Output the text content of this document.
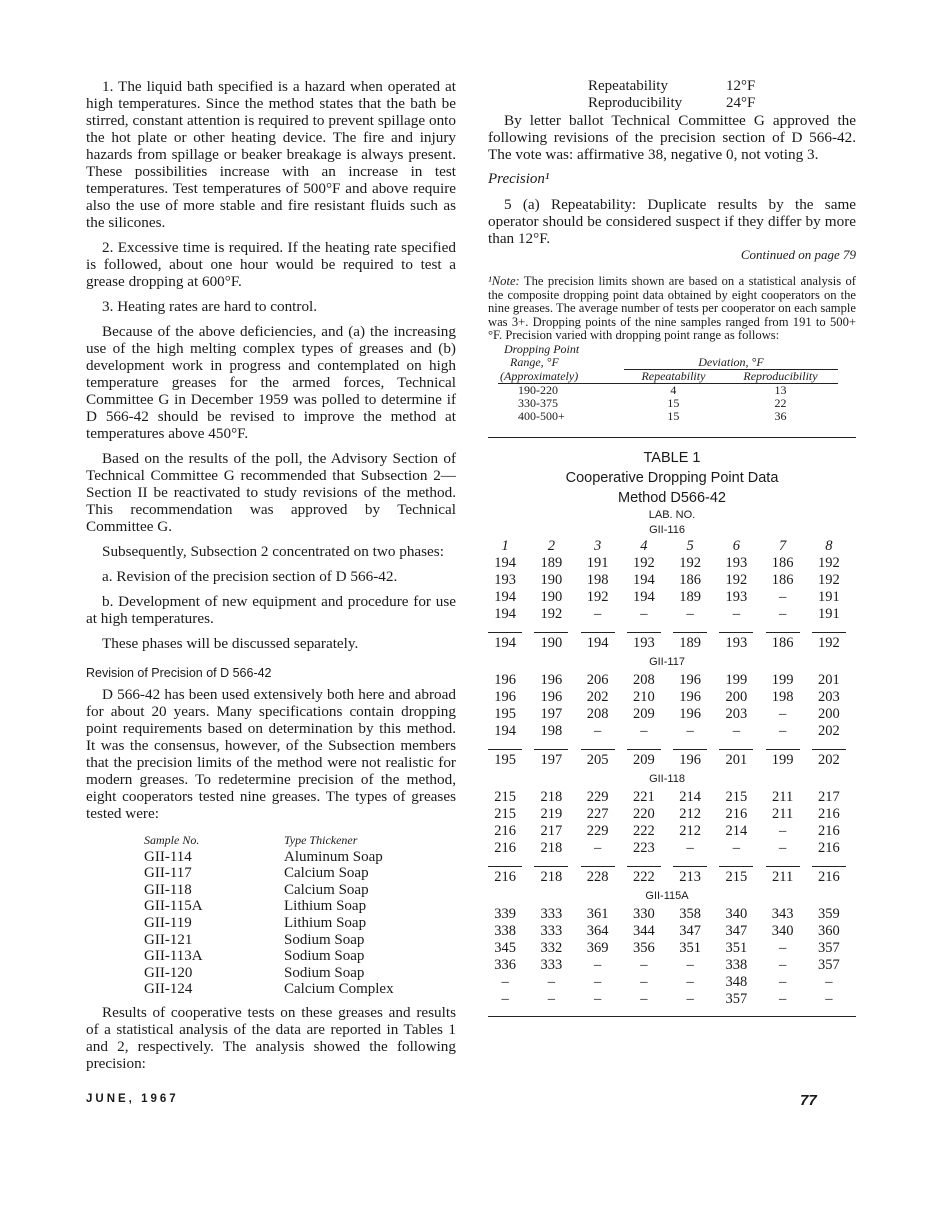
1. The liquid bath specified is a hazard when operated at high temperatures. Since the method states that the bath be stirred, constant attention is required to prevent spillage onto the hot plate or other heating device. The fire and injury hazards from spillage or beaker breakage is always present. These possibilities increase with an increase in test temperatures. Test temperatures of 500°F and above require also the use of more stable and fire resistant fluids such as the silicones.

2. Excessive time is required. If the heating rate specified is followed, about one hour would be required to test a grease dropping at 600°F.

3. Heating rates are hard to control.

Because of the above deficiencies, and (a) the increasing use of the high melting complex types of greases and (b) development work in progress and contemplated on high temperature greases for the armed forces, Technical Committee G in December 1959 was polled to determine if D 566-42 should be revised to improve the method at temperatures above 450°F.

Based on the results of the poll, the Advisory Section of Technical Committee G recommended that Subsection 2—Section II be reactivated to study revisions of the method. This recommendation was approved by Technical Committee G.

Subsequently, Subsection 2 concentrated on two phases:

a. Revision of the precision section of D 566-42.

b. Development of new equipment and procedure for use at high temperatures.

These phases will be discussed separately.

Revision of Precision of D 566-42

D 566-42 has been used extensively both here and abroad for about 20 years. Many specifications contain dropping point requirements based on determination by this method. It was the consensus, however, of the Subsection members that the precision limits of the method were not realistic for modern greases. To redetermine precision of the method, eight cooperators tested nine greases. The types of greases tested were:

Sample No.	Type Thickener
GII-114	Aluminum Soap
GII-117	Calcium Soap
GII-118	Calcium Soap
GII-115A	Lithium Soap
GII-119	Lithium Soap
GII-121	Sodium Soap
GII-113A	Sodium Soap
GII-120	Sodium Soap
GII-124	Calcium Complex

Results of cooperative tests on these greases and results of a statistical analysis of the data are reported in Tables 1 and 2, respectively. The analysis showed the following precision:

Repeatability	12°F
Reproducibility	24°F

By letter ballot Technical Committee G approved the following revisions of the precision section of D 566-42. The vote was: affirmative 38, negative 0, not voting 3.

Precision¹

5 (a) Repeatability: Duplicate results by the same operator should be considered suspect if they differ by more than 12°F.

Continued on page 79
¹Note: The precision limits shown are based on a statistical analysis of the composite dropping point data obtained by eight cooperators on the nine greases. The average number of tests per cooperator on each sample was 3+. Dropping points of the nine samples ranged from 191 to 500+°F. Precision varied with dropping point range as follows:
Dropping Point		
Range, °F	Deviation, °F	
(Approximately)	Repeatability	Reproducibility
190-220	4	13
330-375	15	22
400-500+	15	36
TABLE 1
Cooperative Dropping Point Data
Method D566-42
LAB. NO.
GII-116							
1	2	3	4	5	6	7	8
194	189	191	192	192	193	186	192
193	190	198	194	186	192	186	192
194	190	192	194	189	193	–	191
194	192	–	–	–	–	–	191

194	190	194	193	189	193	186	192
GII-117							
196	196	206	208	196	199	199	201
196	196	202	210	196	200	198	203
195	197	208	209	196	203	–	200
194	198	–	–	–	–	–	202

195	197	205	209	196	201	199	202
GII-118							
215	218	229	221	214	215	211	217
215	219	227	220	212	216	211	216
216	217	229	222	212	214	–	216
216	218	–	223	–	–	–	216

216	218	228	222	213	215	211	216
GII-115A							
339	333	361	330	358	340	343	359
338	333	364	344	347	347	340	360
345	332	369	356	351	351	–	357
336	333	–	–	–	338	–	357
–	–	–	–	–	348	–	–
–	–	–	–	–	357	–	–
JUNE, 1967	77
